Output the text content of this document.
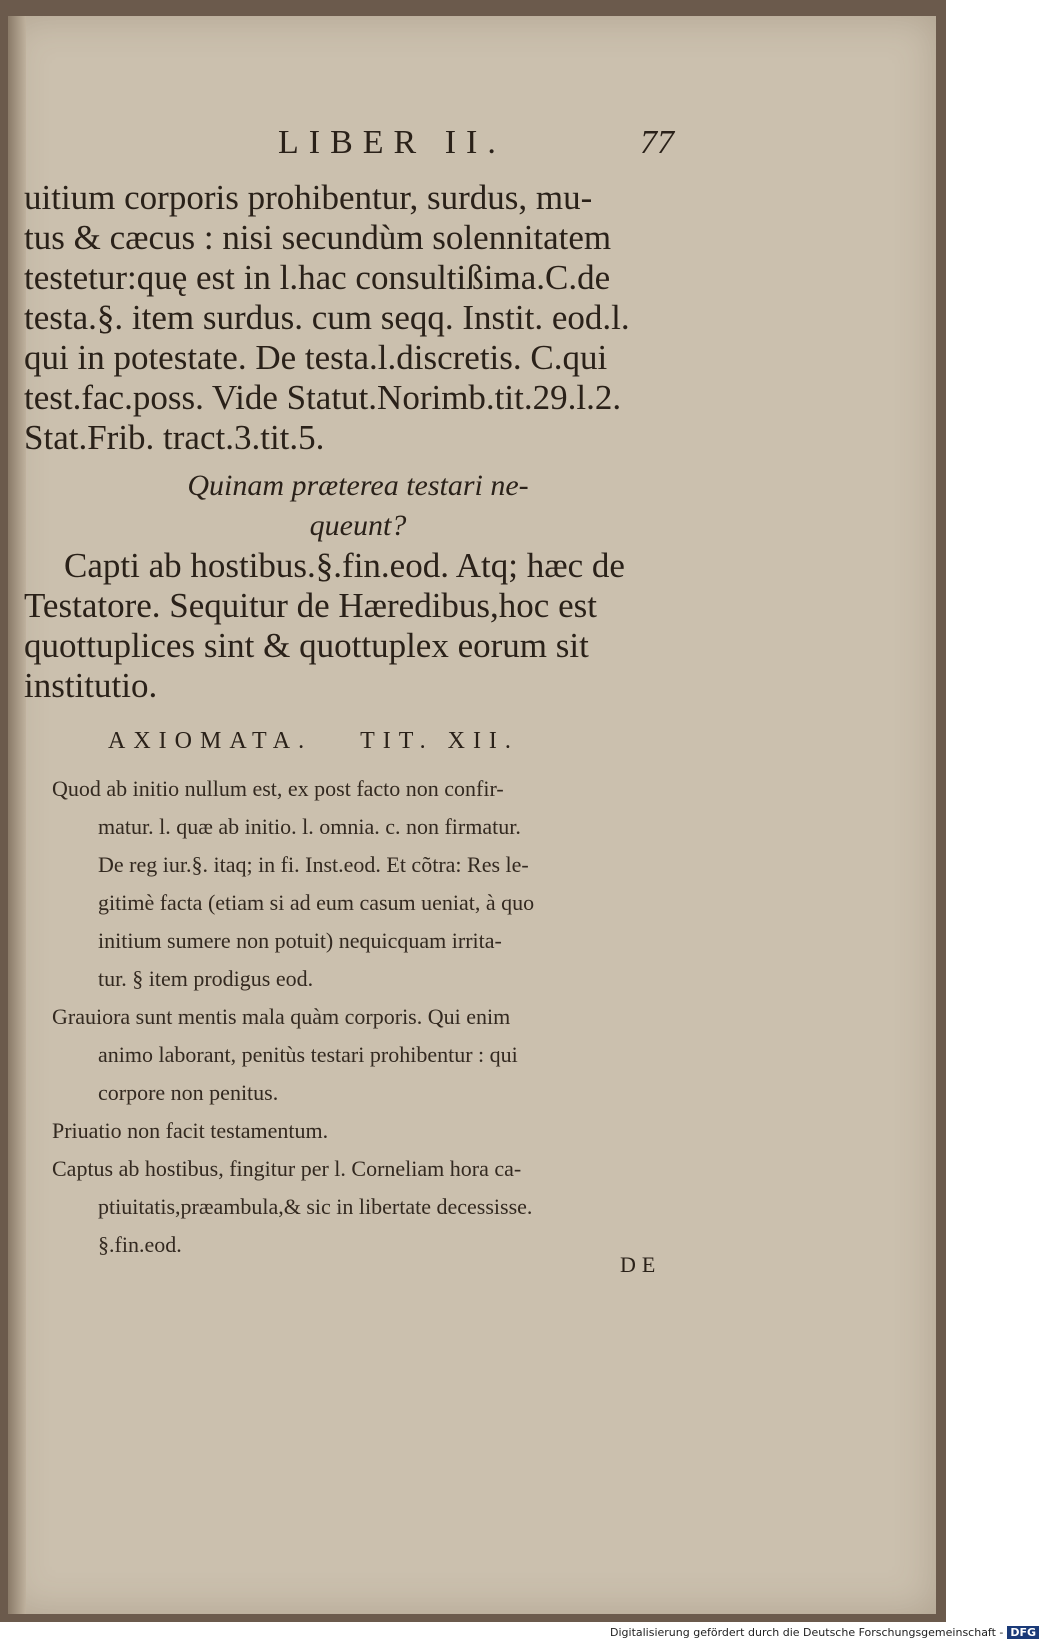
LIBER II.	77
uitium corporis prohibentur, surdus, mu-
tus & cæcus : nisi secundùm solennitatem
testetur:quę est in l.hac consultißima.C.de
testa.§. item surdus. cum seqq. Instit. eod.l.
qui in potestate. De testa.l.discretis. C.qui
test.fac.poss. Vide Statut.Norimb.tit.29.l.2.
Stat.Frib. tract.3.tit.5.
Quinam præterea testari ne-
queunt?
Capti ab hostibus.§.fin.eod. Atq; hæc de
Testatore. Sequitur de Hæredibus,hoc est
quottuplices sint & quottuplex eorum sit
institutio.
AXIOMATA. TIT. XII.
Quod ab initio nullum est, ex post facto non confir-
matur. l. quæ ab initio. l. omnia. c. non firmatur.
De reg iur.§. itaq; in fi. Inst.eod. Et cõtra: Res le-
gitimè facta (etiam si ad eum casum ueniat, à quo
initium sumere non potuit) nequicquam irrita-
tur. § item prodigus eod.
Grauiora sunt mentis mala quàm corporis. Qui enim
animo laborant, penitùs testari prohibentur : qui
corpore non penitus.
Priuatio non facit testamentum.
Captus ab hostibus, fingitur per l. Corneliam hora ca-
ptiuitatis,præambula,& sic in libertate decessisse.
§.fin.eod.
DE
Digitalisierung gefördert durch die Deutsche Forschungsgemeinschaft - DFG
